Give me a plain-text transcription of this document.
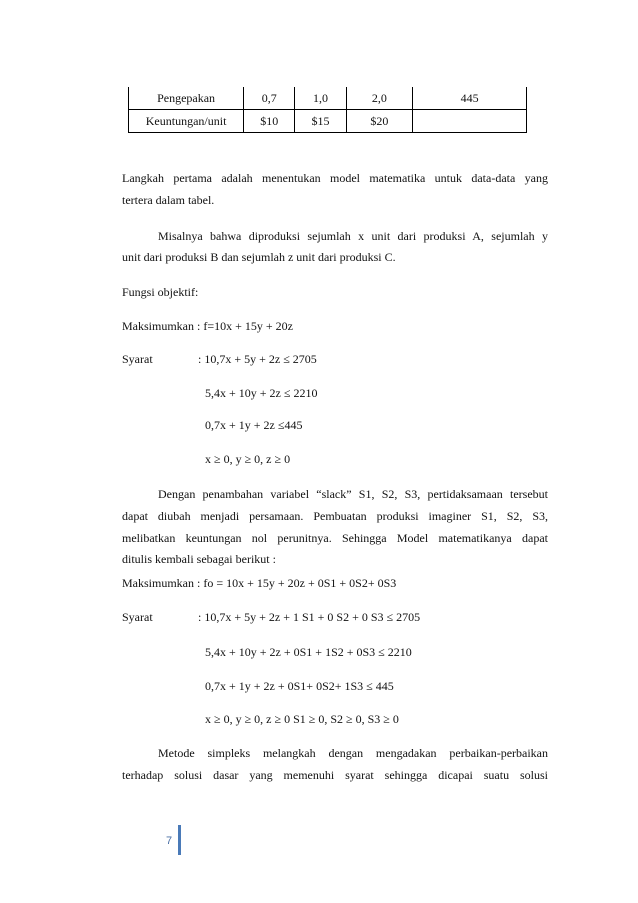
Pengepakan	0,7	1,0	2,0	445
Keuntungan/unit	$10	$15	$20	
Langkah pertama adalah menentukan model matematika untuk data-data yang
tertera dalam tabel.
Misalnya bahwa diproduksi sejumlah x unit dari produksi A, sejumlah y
unit dari produksi B dan sejumlah z unit dari produksi C.
Fungsi objektif:
Maksimumkan : f=10x + 15y + 20z
Syarat	: 10,7x + 5y + 2z ≤ 2705
5,4x + 10y + 2z ≤ 2210
0,7x + 1y + 2z ≤445
x ≥ 0, y ≥ 0, z ≥ 0
Dengan penambahan variabel “slack” S1, S2, S3, pertidaksamaan tersebut
dapat diubah menjadi persamaan. Pembuatan produksi imaginer S1, S2, S3,
melibatkan keuntungan nol perunitnya. Sehingga Model matematikanya dapat
ditulis kembali sebagai berikut :
Maksimumkan : fo = 10x + 15y + 20z + 0S1 + 0S2+ 0S3
Syarat	: 10,7x + 5y + 2z + 1 S1 + 0 S2 + 0 S3 ≤ 2705
5,4x + 10y + 2z + 0S1 + 1S2 + 0S3 ≤ 2210
0,7x + 1y + 2z + 0S1+ 0S2+ 1S3 ≤ 445
x ≥ 0, y ≥ 0, z ≥ 0 S1 ≥ 0, S2 ≥ 0, S3 ≥ 0
Metode simpleks melangkah dengan mengadakan perbaikan-perbaikan
terhadap solusi dasar yang memenuhi syarat sehingga dicapai suatu solusi
7
